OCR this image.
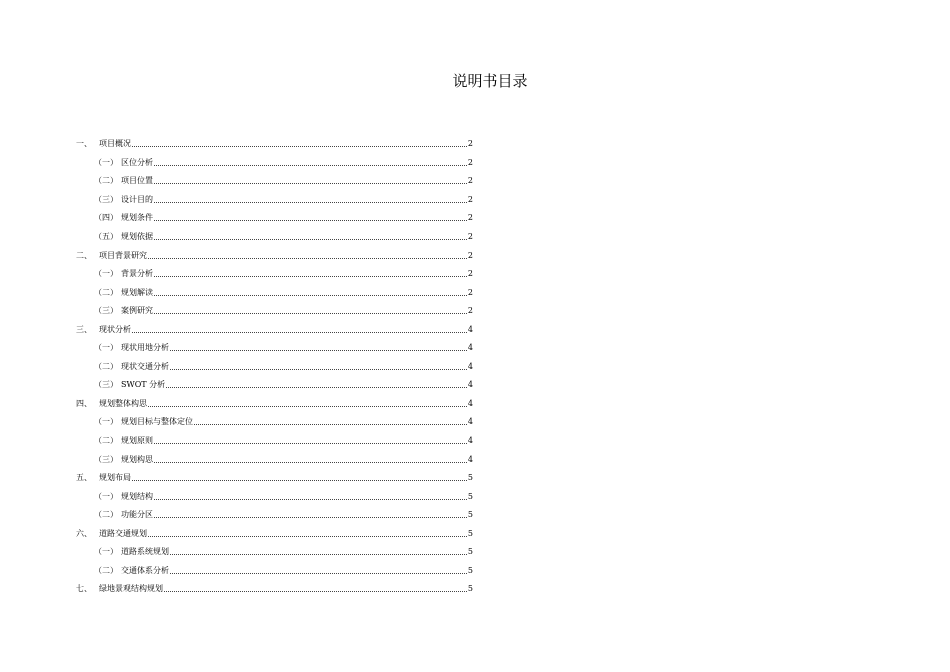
说明书目录
一、 项目概况	2
（一） 区位分析	2
（二） 项目位置	2
（三） 设计目的	2
（四） 规划条件	2
（五） 规划依据	2
二、 项目背景研究	2
（一） 背景分析	2
（二） 规划解读	2
（三） 案例研究	2
三、 现状分析	4
（一） 现状用地分析	4
（二） 现状交通分析	4
（三） SWOT 分析	4
四、 规划整体构思	4
（一） 规划目标与整体定位	4
（二） 规划原则	4
（三） 规划构思	4
五、 规划布局	5
（一） 规划结构	5
（二） 功能分区	5
六、 道路交通规划	5
（一） 道路系统规划	5
（二） 交通体系分析	5
七、 绿地景观结构规划	5
